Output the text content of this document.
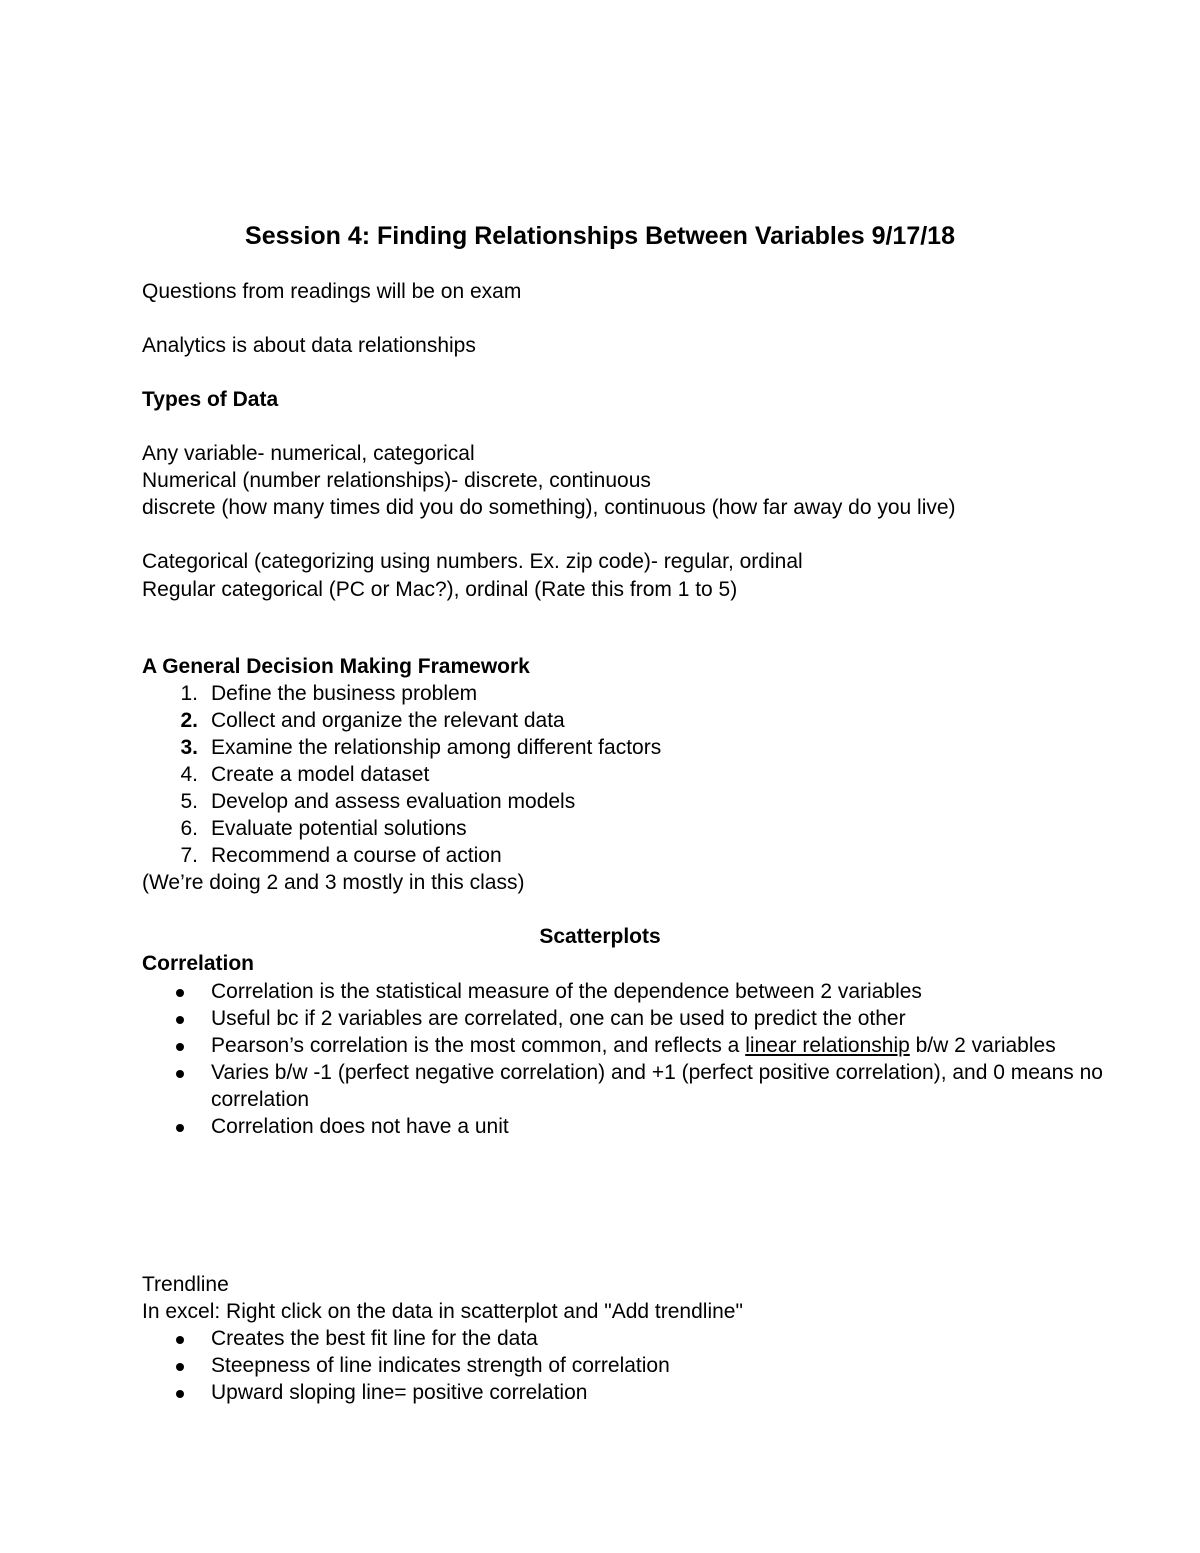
Session 4: Finding Relationships Between Variables 9/17/18

Questions from readings will be on exam

Analytics is about data relationships

Types of Data

Any variable- numerical, categorical

Numerical (number relationships)- discrete, continuous

discrete (how many times did you do something), continuous (how far away do you live)

Categorical (categorizing using numbers. Ex. zip code)- regular, ordinal

Regular categorical (PC or Mac?), ordinal (Rate this from 1 to 5)

A General Decision Making Framework

1. Define the business problem
2. Collect and organize the relevant data
3. Examine the relationship among different factors
4. Create a model dataset
5. Develop and assess evaluation models
6. Evaluate potential solutions
7. Recommend a course of action

(We’re doing 2 and 3 mostly in this class)

Scatterplots

Correlation

Correlation is the statistical measure of the dependence between 2 variables
Useful bc if 2 variables are correlated, one can be used to predict the other
Pearson’s correlation is the most common, and reflects a linear relationship b/w 2 variables
Varies b/w -1 (perfect negative correlation) and +1 (perfect positive correlation), and 0 means no correlation
Correlation does not have a unit

Trendline

In excel: Right click on the data in scatterplot and "Add trendline"

Creates the best fit line for the data
Steepness of line indicates strength of correlation
Upward sloping line= positive correlation
